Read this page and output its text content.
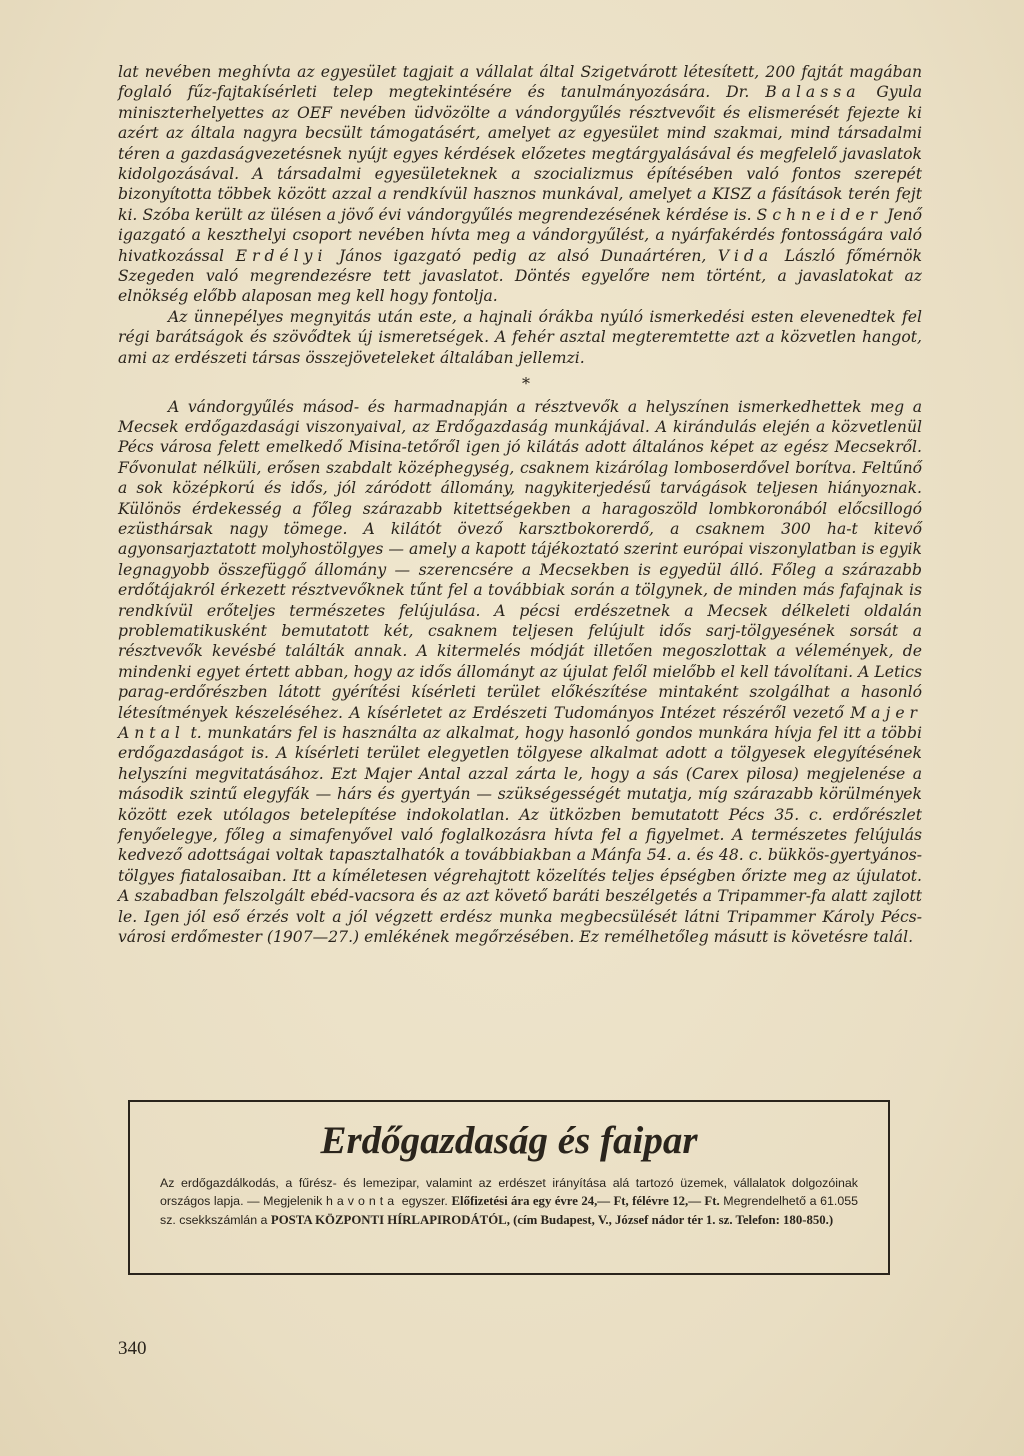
lat nevében meghívta az egyesület tagjait a vállalat által Szigetvárott létesített, 200 fajtát magában foglaló fűz-fajtakísérleti telep megtekintésére és tanulmányozására. Dr. Balassa Gyula miniszterhelyettes az OEF nevében üdvözölte a vándorgyűlés résztvevőit és elismerését fejezte ki azért az általa nagyra becsült támogatásért, amelyet az egyesület mind szakmai, mind társadalmi téren a gazdaságvezetésnek nyújt egyes kérdések előzetes megtárgyalásával és megfelelő javaslatok kidolgozásával. A társadalmi egyesületeknek a szocializmus építésében való fontos szerepét bizonyította többek között azzal a rendkívül hasznos munkával, amelyet a KISZ a fásítások terén fejt ki. Szóba került az ülésen a jövő évi vándorgyűlés megrendezésének kérdése is. Schneider Jenő igazgató a keszthelyi csoport nevében hívta meg a vándorgyűlést, a nyárfakérdés fontosságára való hivatkozással Erdélyi János igazgató pedig az alsó Dunaártéren, Vida László főmérnök Szegeden való megrendezésre tett javaslatot. Döntés egyelőre nem történt, a javaslatokat az elnökség előbb alaposan meg kell hogy fontolja.

Az ünnepélyes megnyitás után este, a hajnali órákba nyúló ismerkedési esten elevenedtek fel régi barátságok és szövődtek új ismeretségek. A fehér asztal megteremtette azt a közvetlen hangot, ami az erdészeti társas összejöveteleket általában jellemzi.

*

A vándorgyűlés másod- és harmadnapján a résztvevők a helyszínen ismerkedhettek meg a Mecsek erdőgazdasági viszonyaival, az Erdőgazdaság munkájával. A kirándulás elején a közvetlenül Pécs városa felett emelkedő Misina-tetőről igen jó kilátás adott általános képet az egész Mecsekről. Fővonulat nélküli, erősen szabdalt középhegység, csaknem kizárólag lomboserdővel borítva. Feltűnő a sok középkorú és idős, jól záródott állomány, nagykiterjedésű tarvágások teljesen hiányoznak. Különös érdekesség a főleg szárazabb kitettségekben a haragoszöld lombkoronából előcsillogó ezüsthársak nagy tömege. A kilátót övező karsztbokorerdő, a csaknem 300 ha-t kitevő agyonsarjaztatott molyhostölgyes — amely a kapott tájékoztató szerint európai viszonylatban is egyik legnagyobb összefüggő állomány — szerencsére a Mecsekben is egyedül álló. Főleg a szárazabb erdőtájakról érkezett résztvevőknek tűnt fel a továbbiak során a tölgynek, de minden más fafajnak is rendkívül erőteljes természetes felújulása. A pécsi erdészetnek a Mecsek délkeleti oldalán problematikusként bemutatott két, csaknem teljesen felújult idős sarj-tölgyesének sorsát a résztvevők kevésbé találták annak. A kitermelés módját illetően megoszlottak a vélemények, de mindenki egyet értett abban, hogy az idős állományt az újulat felől mielőbb el kell távolítani. A Letics parag-erdőrészben látott gyérítési kísérleti terület előkészítése mintaként szolgálhat a hasonló létesítmények készeléséhez. A kísérletet az Erdészeti Tudományos Intézet részéről vezető Majer Antal t. munkatárs fel is használta az alkalmat, hogy hasonló gondos munkára hívja fel itt a többi erdőgazdaságot is. A kísérleti terület elegyetlen tölgyese alkalmat adott a tölgyesek elegyítésének helyszíni megvitatásához. Ezt Majer Antal azzal zárta le, hogy a sás (Carex pilosa) megjelenése a második szintű elegyfák — hárs és gyertyán — szükségességét mutatja, míg szárazabb körülmények között ezek utólagos betelepítése indokolatlan. Az ütközben bemutatott Pécs 35. c. erdőrészlet fenyőelegye, főleg a simafenyővel való foglalkozásra hívta fel a figyelmet. A természetes felújulás kedvező adottságai voltak tapasztalhatók a továbbiakban a Mánfa 54. a. és 48. c. bükkös-gyertyános-tölgyes fiatalosaiban. Itt a kíméletesen végrehajtott közelítés teljes épségben őrizte meg az újulatot. A szabadban felszolgált ebéd-vacsora és az azt követő baráti beszélgetés a Tripammer-fa alatt zajlott le. Igen jól eső érzés volt a jól végzett erdész munka megbecsülését látni Tripammer Károly Pécs-városi erdőmester (1907—27.) emlékének megőrzésében. Ez remélhetőleg másutt is követésre talál.

Erdőgazdaság és faipar
Az erdőgazdálkodás, a fűrész- és lemezipar, valamint az erdészet irányítása alá tartozó üzemek, vállalatok dolgozóinak országos lapja. — Megjelenik havonta egyszer. Előfizetési ára egy évre 24,— Ft, félévre 12,— Ft. Megrendelhető a 61.055 sz. csekkszámlán a POSTA KÖZPONTI HÍRLAPIRODÁTÓL, (cím Budapest, V., József nádor tér 1. sz. Telefon: 180-850.)
340
